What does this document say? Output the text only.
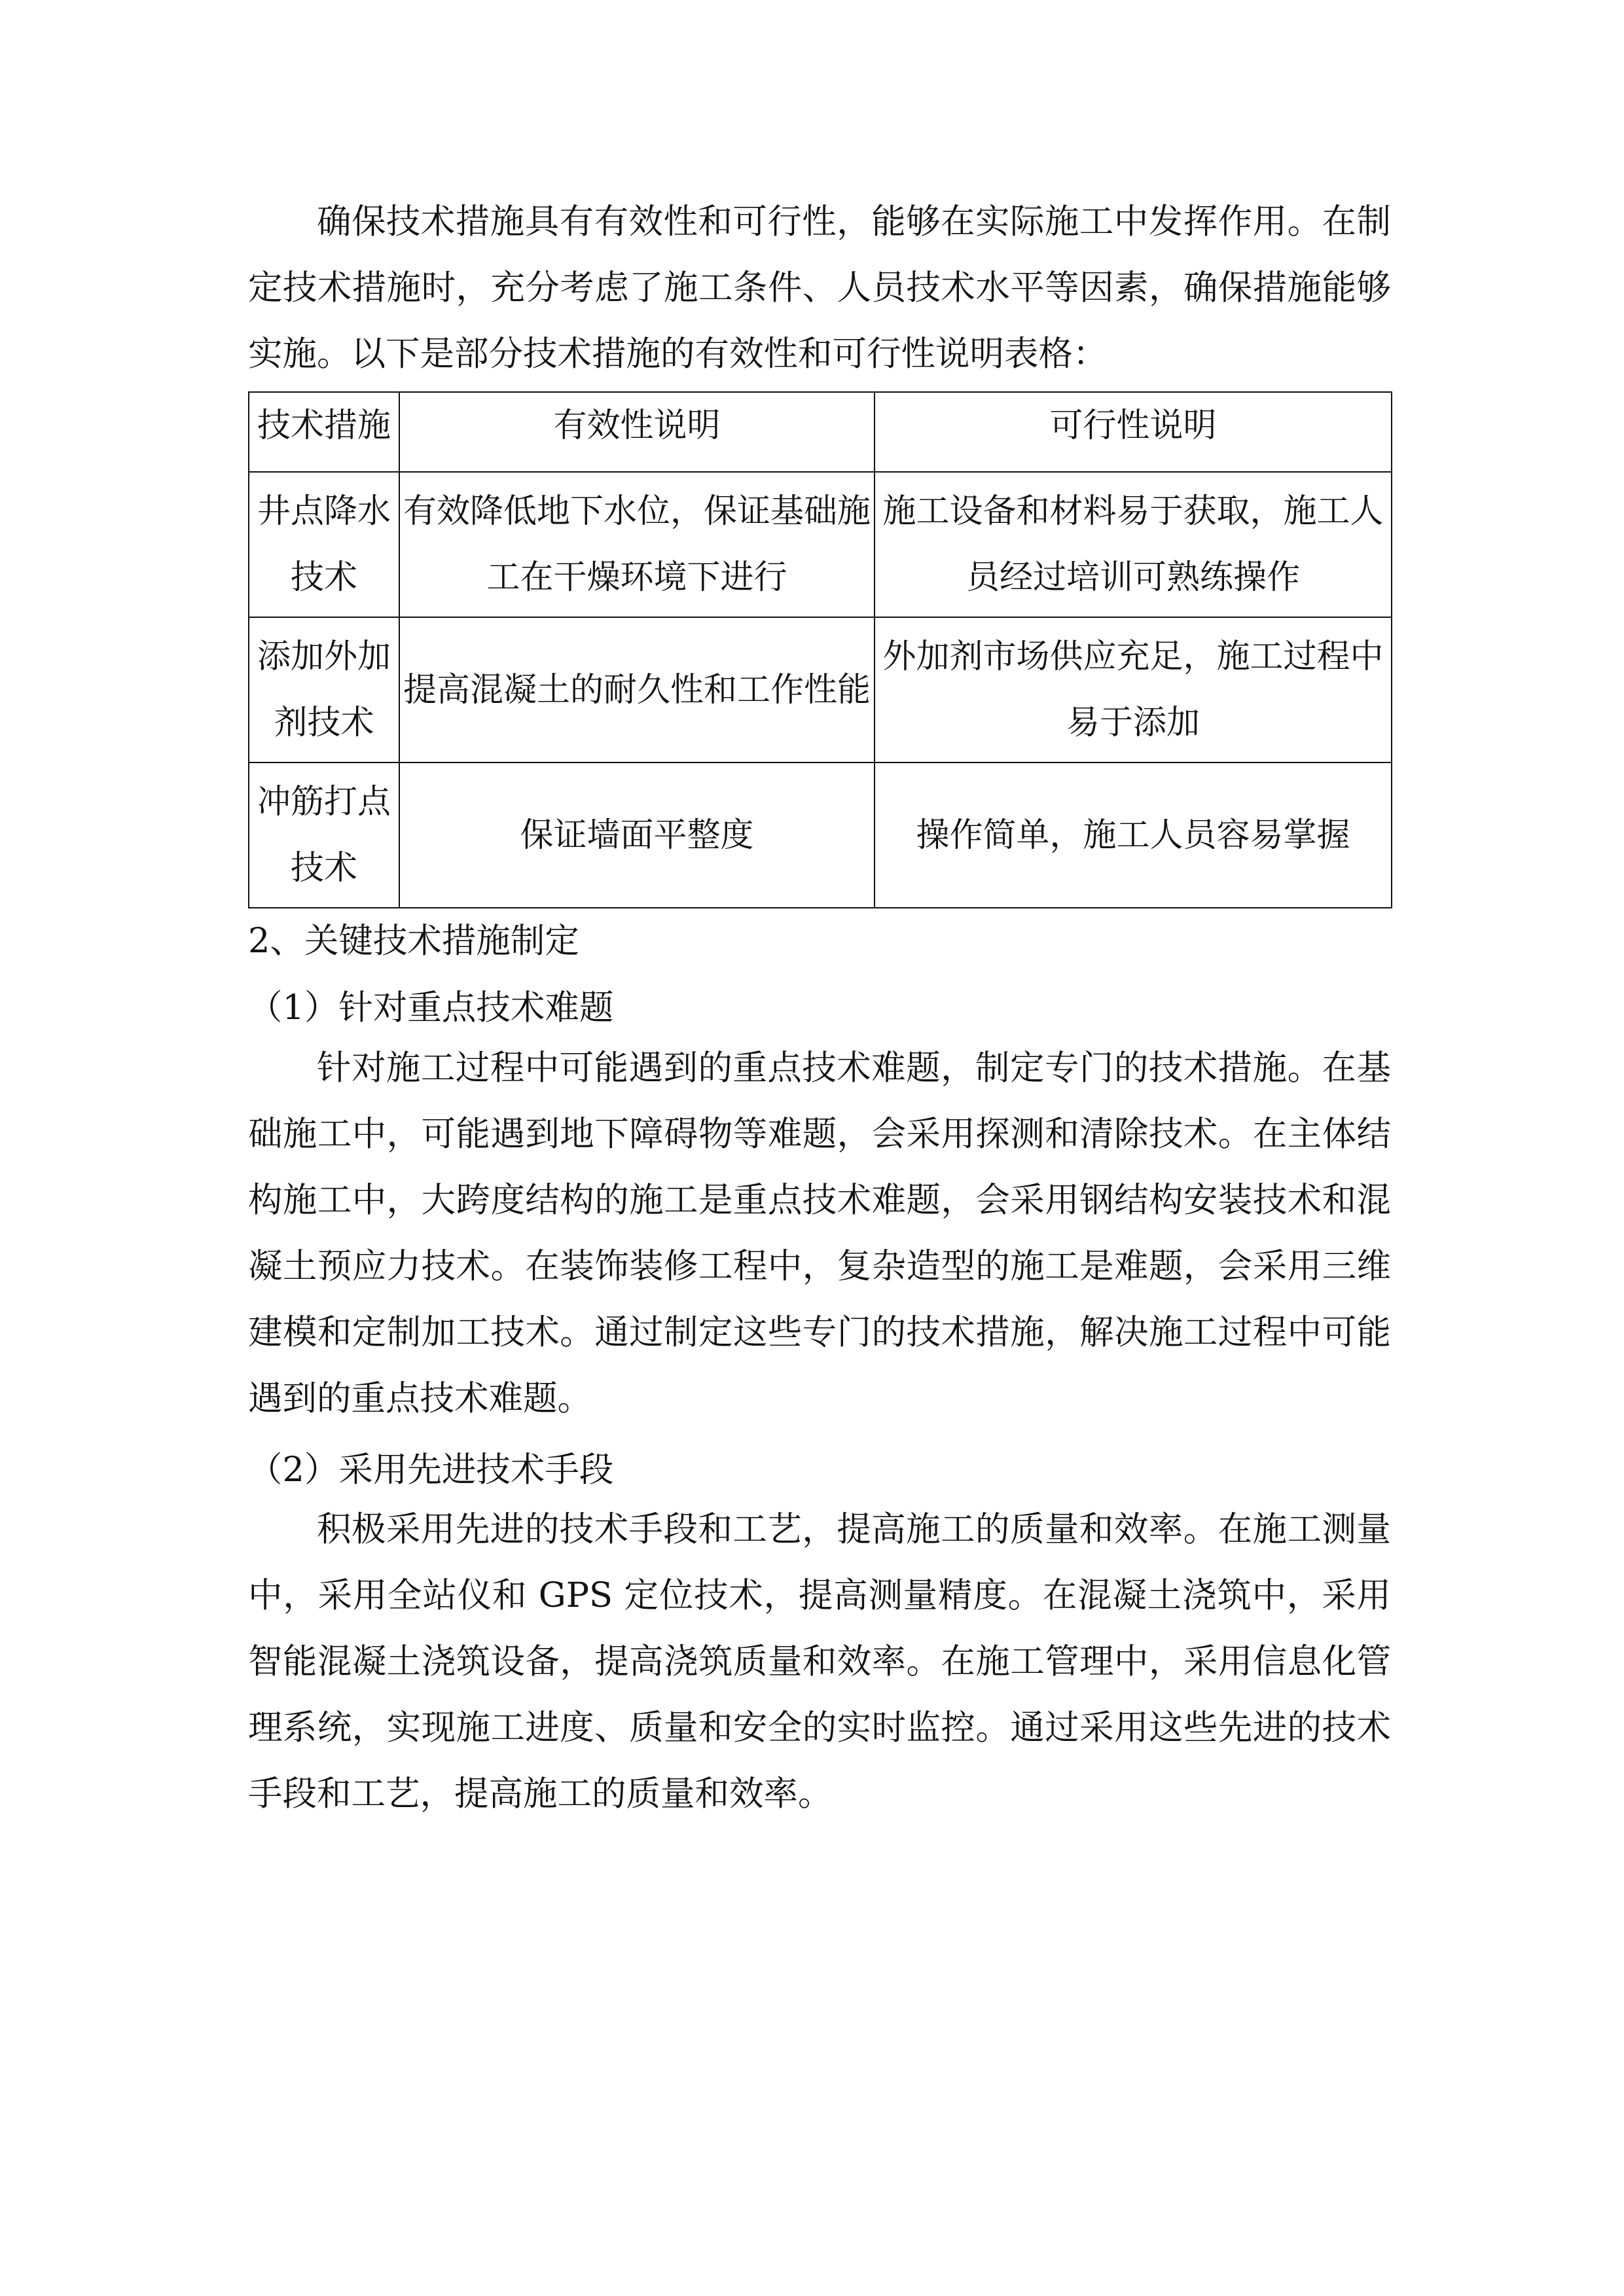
确保技术措施具有有效性和可行性，能够在实际施工中发挥作用。在制定技术措施时，充分考虑了施工条件、人员技术水平等因素，确保措施能够实施。以下是部分技术措施的有效性和可行性说明表格：
技术措施	有效性说明	可行性说明
井点降水技术	有效降低地下水位，保证基础施工在干燥环境下进行	施工设备和材料易于获取，施工人员经过培训可熟练操作
添加外加剂技术	提高混凝土的耐久性和工作性能	外加剂市场供应充足，施工过程中易于添加
冲筋打点技术	保证墙面平整度	操作简单，施工人员容易掌握
2、关键技术措施制定
（1）针对重点技术难题
针对施工过程中可能遇到的重点技术难题，制定专门的技术措施。在基础施工中，可能遇到地下障碍物等难题，会采用探测和清除技术。在主体结构施工中，大跨度结构的施工是重点技术难题，会采用钢结构安装技术和混凝土预应力技术。在装饰装修工程中，复杂造型的施工是难题，会采用三维建模和定制加工技术。通过制定这些专门的技术措施，解决施工过程中可能遇到的重点技术难题。
（2）采用先进技术手段
积极采用先进的技术手段和工艺，提高施工的质量和效率。在施工测量中，采用全站仪和 GPS 定位技术，提高测量精度。在混凝土浇筑中，采用智能混凝土浇筑设备，提高浇筑质量和效率。在施工管理中，采用信息化管理系统，实现施工进度、质量和安全的实时监控。通过采用这些先进的技术手段和工艺，提高施工的质量和效率。
